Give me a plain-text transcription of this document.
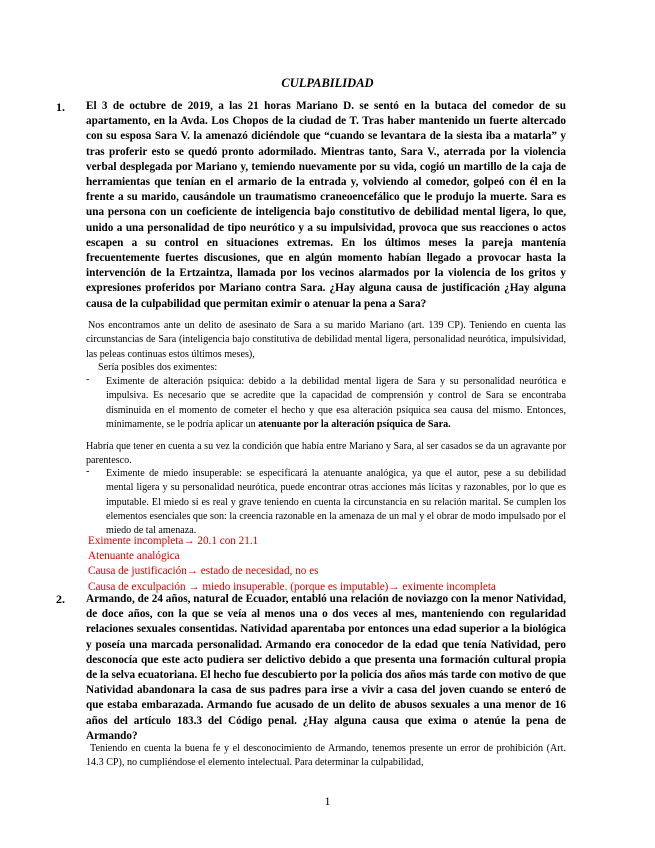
CULPABILIDAD
1. El 3 de octubre de 2019, a las 21 horas Mariano D. se sentó en la butaca del comedor de su apartamento, en la Avda. Los Chopos de la ciudad de T. Tras haber mantenido un fuerte altercado con su esposa Sara V. la amenazó diciéndole que “cuando se levantara de la siesta iba a matarla” y tras proferir esto se quedó pronto adormilado. Mientras tanto, Sara V., aterrada por la violencia verbal desplegada por Mariano y, temiendo nuevamente por su vida, cogió un martillo de la caja de herramientas que tenían en el armario de la entrada y, volviendo al comedor, golpeó con él en la frente a su marido, causándole un traumatismo craneoencefálico que le produjo la muerte. Sara es una persona con un coeficiente de inteligencia bajo constitutivo de debilidad mental ligera, lo que, unido a una personalidad de tipo neurótico y a su impulsividad, provoca que sus reacciones o actos escapen a su control en situaciones extremas. En los últimos meses la pareja mantenía frecuentemente fuertes discusiones, que en algún momento habían llegado a provocar hasta la intervención de la Ertzaintza, llamada por los vecinos alarmados por la violencia de los gritos y expresiones proferidos por Mariano contra Sara. ¿Hay alguna causa de justificación ¿Hay alguna causa de la culpabilidad que permitan eximir o atenuar la pena a Sara?
Nos encontramos ante un delito de asesinato de Sara a su marido Mariano (art. 139 CP). Teniendo en cuenta las circunstancias de Sara (inteligencia bajo constitutiva de debilidad mental ligera, personalidad neurótica, impulsividad, las peleas continuas estos últimos meses),
Sería posibles dos eximentes:
- Eximente de alteración psíquica: debido a la debilidad mental ligera de Sara y su personalidad neurótica e impulsiva. Es necesario que se acredite que la capacidad de comprensión y control de Sara se encontraba disminuida en el momento de cometer el hecho y que esa alteración psíquica sea causa del mismo. Entonces, mínimamente, se le podría aplicar un atenuante por la alteración psíquica de Sara.
Habría que tener en cuenta a su vez la condición que había entre Mariano y Sara, al ser casados se da un agravante por parentesco.
- Eximente de miedo insuperable: se especificará la atenuante analógica, ya que el autor, pese a su debilidad mental ligera y su personalidad neurótica, puede encontrar otras acciones más lícitas y razonables, por lo que es imputable. El miedo si es real y grave teniendo en cuenta la circunstancia en su relación marital. Se cumplen los elementos esenciales que son: la creencia razonable en la amenaza de un mal y el obrar de modo impulsado por el miedo de tal amenaza.
Eximente incompleta→ 20.1 con 21.1
Atenuante analógica
Causa de justificación→ estado de necesidad, no es
Causa de exculpación → miedo insuperable. (porque es imputable)→ eximente incompleta
2. Armando, de 24 años, natural de Ecuador, entabló una relación de noviazgo con la menor Natividad, de doce años, con la que se veía al menos una o dos veces al mes, manteniendo con regularidad relaciones sexuales consentidas. Natividad aparentaba por entonces una edad superior a la biológica y poseía una marcada personalidad. Armando era conocedor de la edad que tenía Natividad, pero desconocía que este acto pudiera ser delictivo debido a que presenta una formación cultural propia de la selva ecuatoriana. El hecho fue descubierto por la policía dos años más tarde con motivo de que Natividad abandonara la casa de sus padres para irse a vivir a casa del joven cuando se enteró de que estaba embarazada. Armando fue acusado de un delito de abusos sexuales a una menor de 16 años del artículo 183.3 del Código penal. ¿Hay alguna causa que exima o atenúe la pena de Armando?
Teniendo en cuenta la buena fe y el desconocimiento de Armando, tenemos presente un error de prohibición (Art. 14.3 CP), no cumpliéndose el elemento intelectual. Para determinar la culpabilidad,
1
